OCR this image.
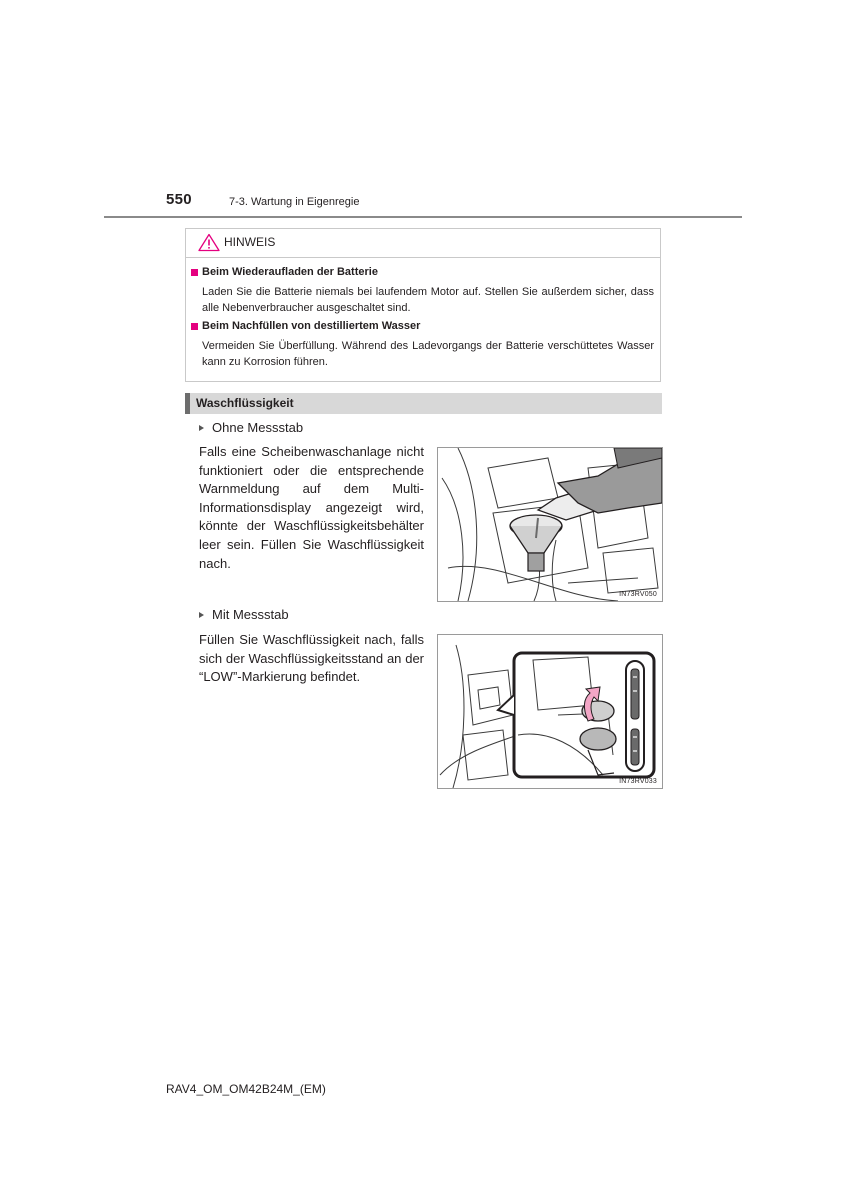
550	7-3. Wartung in Eigenregie
HINWEIS
Beim Wiederaufladen der Batterie
Laden Sie die Batterie niemals bei laufendem Motor auf. Stellen Sie außerdem sicher, dass alle Nebenverbraucher ausgeschaltet sind.
Beim Nachfüllen von destilliertem Wasser
Vermeiden Sie Überfüllung. Während des Ladevorgangs der Batterie verschüttetes Wasser kann zu Korrosion führen.
Waschflüssigkeit
Ohne Messstab
Falls eine Scheibenwaschanlage nicht funktioniert oder die entsprechende Warnmeldung auf dem Multi-Informationsdisplay angezeigt wird, könnte der Waschflüssigkeitsbehälter leer sein. Füllen Sie Waschflüssigkeit nach.
IN73RV050
Mit Messstab
Füllen Sie Waschflüssigkeit nach, falls sich der Waschflüssigkeitsstand an der “LOW”-Markierung befindet.
IN73RV033
RAV4_OM_OM42B24M_(EM)
